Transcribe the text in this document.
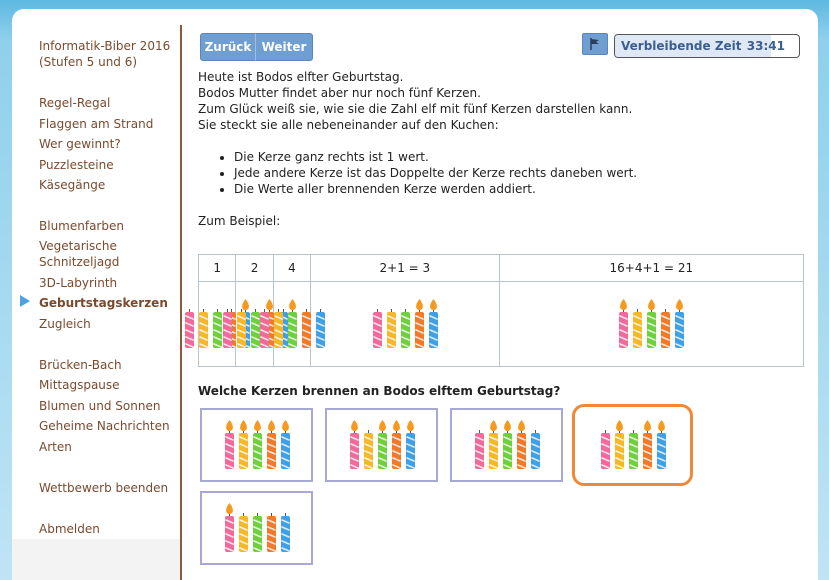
Informatik-Biber 2016
(Stufen 5 und 6)
Regel-Regal
Flaggen am Strand
Wer gewinnt?
Puzzlesteine
Käsegänge
Blumenfarben
Vegetarische
Schnitzeljagd
3D-Labyrinth
Geburtstagskerzen
Zugleich
Brücken-Bach
Mittagspause
Blumen und Sonnen
Geheime Nachrichten
Arten
Wettbewerb beenden
Abmelden
Zurück Weiter	Verbleibende Zeit 33:41

Heute ist Bodos elfter Geburtstag.

Bodos Mutter findet aber nur noch fünf Kerzen.

Zum Glück weiß sie, wie sie die Zahl elf mit fünf Kerzen darstellen kann.

Sie steckt sie alle nebeneinander auf den Kuchen:

• Die Kerze ganz rechts ist 1 wert.
• Jede andere Kerze ist das Doppelte der Kerze rechts daneben wert.
• Die Werte aller brennenden Kerze werden addiert.
Zum Beispiel:
1	2	4	2+1 = 3	16+4+1 = 21

Welche Kerzen brennen an Bodos elftem Geburtstag?
